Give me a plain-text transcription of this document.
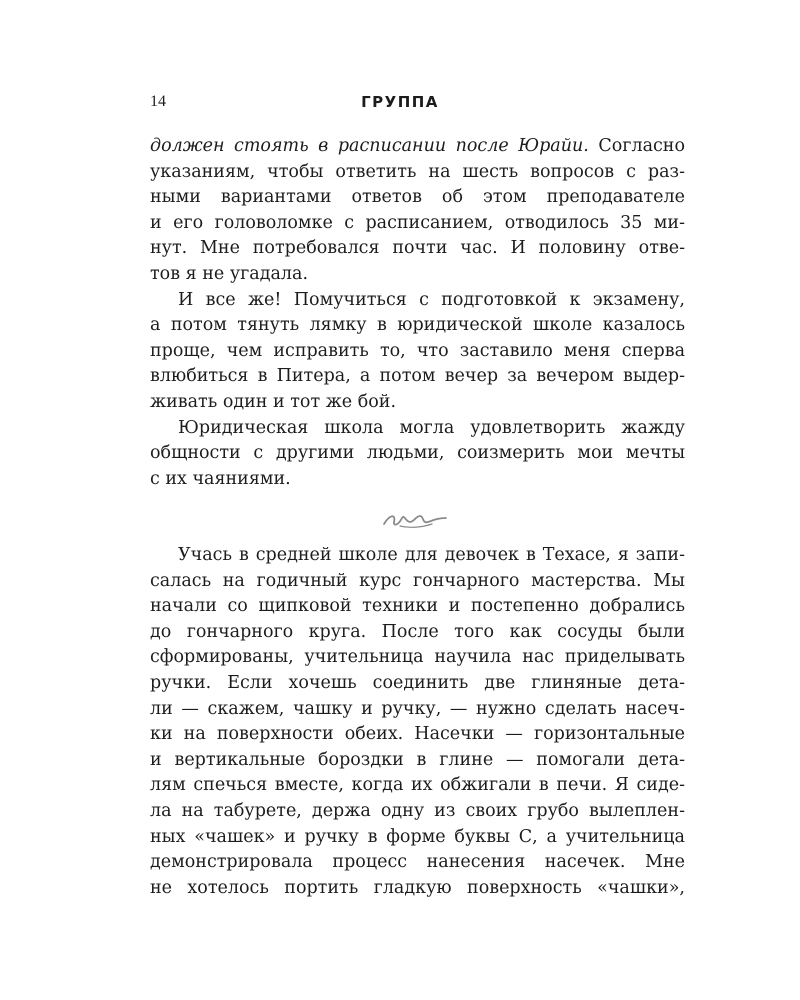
14	ГРУППА
должен стоять в расписании после Юрайи. Согласно
указаниям, чтобы ответить на шесть вопросов с раз-
ными вариантами ответов об этом преподавателе
и его головоломке с расписанием, отводилось 35 ми-
нут. Мне потребовался почти час. И половину отве-
тов я не угадала.
И все же! Помучиться с подготовкой к экзамену,
а потом тянуть лямку в юридической школе казалось
проще, чем исправить то, что заставило меня сперва
влюбиться в Питера, а потом вечер за вечером выдер-
живать один и тот же бой.
Юридическая школа могла удовлетворить жажду
общности с другими людьми, соизмерить мои мечты
с их чаяниями.
Учась в средней школе для девочек в Техасе, я запи-
салась на годичный курс гончарного мастерства. Мы
начали со щипковой техники и постепенно добрались
до гончарного круга. После того как сосуды были
сформированы, учительница научила нас приделывать
ручки. Если хочешь соединить две глиняные дета-
ли — скажем, чашку и ручку, — нужно сделать насеч-
ки на поверхности обеих. Насечки — горизонтальные
и вертикальные бороздки в глине — помогали дета-
лям спечься вместе, когда их обжигали в печи. Я сиде-
ла на табурете, держа одну из своих грубо вылеплен-
ных «чашек» и ручку в форме буквы С, а учительница
демонстрировала процесс нанесения насечек. Мне
не хотелось портить гладкую поверхность «чашки»,
